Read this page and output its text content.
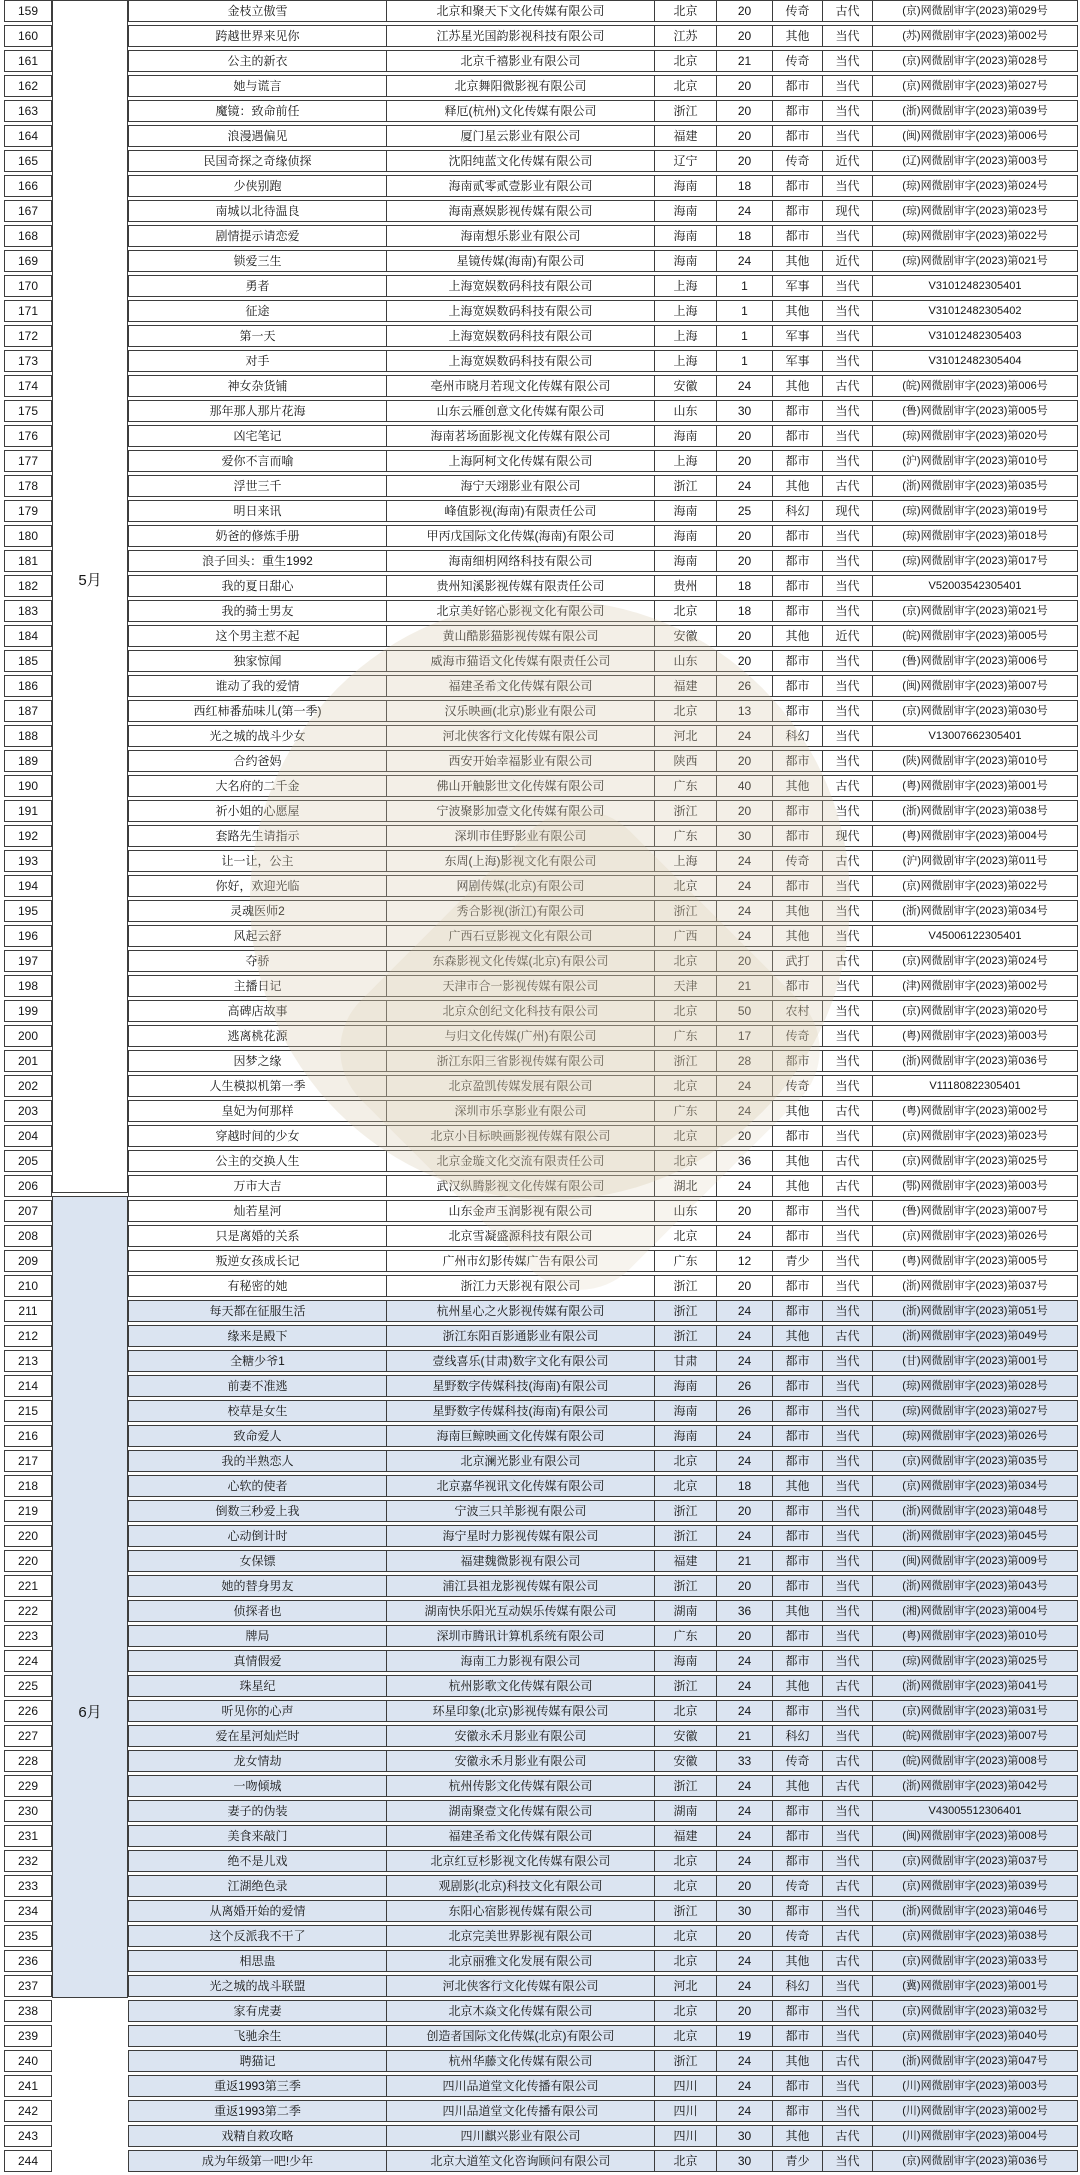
5月
6月
159		金枝立傲雪	北京和聚天下文化传媒有限公司	北京	20	传奇	古代	(京)网微剧审字(2023)第029号
160		跨越世界来见你	江苏星光国韵影视科技有限公司	江苏	20	其他	当代	(苏)网微剧审字(2023)第002号
161		公主的新衣	北京千禧影业有限公司	北京	21	传奇	当代	(京)网微剧审字(2023)第028号
162		她与谎言	北京舞阳微影视有限公司	北京	20	都市	当代	(京)网微剧审字(2023)第027号
163		魔镜：致命前任	释厄(杭州)文化传媒有限公司	浙江	20	都市	当代	(浙)网微剧审字(2023)第039号
164		浪漫遇偏见	厦门星云影业有限公司	福建	20	都市	当代	(闽)网微剧审字(2023)第006号
165		民国奇探之奇缘侦探	沈阳纯蓝文化传媒有限公司	辽宁	20	传奇	近代	(辽)网微剧审字(2023)第003号
166		少侠别跑	海南贰零贰壹影业有限公司	海南	18	都市	当代	(琼)网微剧审字(2023)第024号
167		南城以北待温良	海南熹娱影视传媒有限公司	海南	24	都市	现代	(琼)网微剧审字(2023)第023号
168		剧情提示请恋爱	海南想乐影业有限公司	海南	18	都市	当代	(琼)网微剧审字(2023)第022号
169		锁爱三生	星镜传媒(海南)有限公司	海南	24	其他	近代	(琼)网微剧审字(2023)第021号
170		勇者	上海宽娱数码科技有限公司	上海	1	军事	当代	V31012482305401
171		征途	上海宽娱数码科技有限公司	上海	1	其他	当代	V31012482305402
172		第一天	上海宽娱数码科技有限公司	上海	1	军事	当代	V31012482305403
173		对手	上海宽娱数码科技有限公司	上海	1	军事	当代	V31012482305404
174		神女杂货铺	亳州市晓月若现文化传媒有限公司	安徽	24	其他	古代	(皖)网微剧审字(2023)第006号
175		那年那人那片花海	山东云雁创意文化传媒有限公司	山东	30	都市	当代	(鲁)网微剧审字(2023)第005号
176		凶宅笔记	海南茗场面影视文化传媒有限公司	海南	20	都市	当代	(琼)网微剧审字(2023)第020号
177		爱你不言而喻	上海阿柯文化传媒有限公司	上海	20	都市	当代	(沪)网微剧审字(2023)第010号
178		浮世三千	海宁天翊影业有限公司	浙江	24	其他	古代	(浙)网微剧审字(2023)第035号
179		明日来讯	峰值影视(海南)有限责任公司	海南	25	科幻	现代	(琼)网微剧审字(2023)第019号
180		奶爸的修炼手册	甲丙戊国际文化传媒(海南)有限公司	海南	20	都市	当代	(琼)网微剧审字(2023)第018号
181		浪子回头：重生1992	海南细枂网络科技有限公司	海南	20	都市	当代	(琼)网微剧审字(2023)第017号
182		我的夏日甜心	贵州知溪影视传媒有限责任公司	贵州	18	都市	当代	V52003542305401
183		我的骑士男友	北京美好铭心影视文化有限公司	北京	18	都市	当代	(京)网微剧审字(2023)第021号
184		这个男主惹不起	黄山酷影猫影视传媒有限公司	安徽	20	其他	近代	(皖)网微剧审字(2023)第005号
185		独家惊闻	威海市猫语文化传媒有限责任公司	山东	20	都市	当代	(鲁)网微剧审字(2023)第006号
186		谁动了我的爱情	福建圣希文化传媒有限公司	福建	26	都市	当代	(闽)网微剧审字(2023)第007号
187		西红柿番茄味儿(第一季)	汉乐映画(北京)影业有限公司	北京	13	都市	当代	(京)网微剧审字(2023)第030号
188		光之城的战斗少女	河北侠客行文化传媒有限公司	河北	24	科幻	当代	V13007662305401
189		合约爸妈	西安开始幸福影业有限公司	陕西	20	都市	当代	(陕)网微剧审字(2023)第010号
190		大名府的二千金	佛山开触影世文化传媒有限公司	广东	40	其他	古代	(粤)网微剧审字(2023)第001号
191		祈小姐的心愿屋	宁波聚影加壹文化传媒有限公司	浙江	20	都市	当代	(浙)网微剧审字(2023)第038号
192		套路先生请指示	深圳市佳野影业有限公司	广东	30	都市	现代	(粤)网微剧审字(2023)第004号
193		让一让，公主	东周(上海)影视文化有限公司	上海	24	传奇	古代	(沪)网微剧审字(2023)第011号
194		你好，欢迎光临	网剧传媒(北京)有限公司	北京	24	都市	当代	(京)网微剧审字(2023)第022号
195		灵魂医师2	秀合影视(浙江)有限公司	浙江	24	其他	当代	(浙)网微剧审字(2023)第034号
196		风起云舒	广西石豆影视文化有限公司	广西	24	其他	当代	V45006122305401
197		夺骄	东森影视文化传媒(北京)有限公司	北京	20	武打	古代	(京)网微剧审字(2023)第024号
198		主播日记	天津市合一影视传媒有限公司	天津	21	都市	当代	(津)网微剧审字(2023)第002号
199		高碑店故事	北京众创纪文化科技有限公司	北京	50	农村	当代	(京)网微剧审字(2023)第020号
200		逃离桃花源	与归文化传媒(广州)有限公司	广东	17	传奇	当代	(粤)网微剧审字(2023)第003号
201		因梦之缘	浙江东阳三省影视传媒有限公司	浙江	28	都市	当代	(浙)网微剧审字(2023)第036号
202		人生模拟机第一季	北京盈凯传媒发展有限公司	北京	24	传奇	当代	V11180822305401
203		皇妃为何那样	深圳市乐享影业有限公司	广东	24	其他	古代	(粤)网微剧审字(2023)第002号
204		穿越时间的少女	北京小目标映画影视传媒有限公司	北京	20	都市	当代	(京)网微剧审字(2023)第023号
205		公主的交换人生	北京金璇文化交流有限责任公司	北京	36	其他	古代	(京)网微剧审字(2023)第025号
206		万市大吉	武汉纵腾影视文化传媒有限公司	湖北	24	其他	古代	(鄂)网微剧审字(2023)第003号
207		灿若星河	山东金声玉润影视有限公司	山东	20	都市	当代	(鲁)网微剧审字(2023)第007号
208		只是离婚的关系	北京雪凝盛源科技有限公司	北京	24	都市	当代	(京)网微剧审字(2023)第026号
209		叛逆女孩成长记	广州市幻影传媒广告有限公司	广东	12	青少	当代	(粤)网微剧审字(2023)第005号
210		有秘密的她	浙江力天影视有限公司	浙江	20	都市	当代	(浙)网微剧审字(2023)第037号
211		每天都在征服生活	杭州星心之火影视传媒有限公司	浙江	24	都市	当代	(浙)网微剧审字(2023)第051号
212		缘来是殿下	浙江东阳百影通影业有限公司	浙江	24	其他	古代	(浙)网微剧审字(2023)第049号
213		全糖少爷1	壹线喜乐(甘肃)数字文化有限公司	甘肃	24	都市	当代	(甘)网微剧审字(2023)第001号
214		前妻不准逃	星野数字传媒科技(海南)有限公司	海南	26	都市	当代	(琼)网微剧审字(2023)第028号
215		校草是女生	星野数字传媒科技(海南)有限公司	海南	26	都市	当代	(琼)网微剧审字(2023)第027号
216		致命爱人	海南巨鲸映画文化传媒有限公司	海南	24	都市	当代	(琼)网微剧审字(2023)第026号
217		我的半熟恋人	北京澜光影业有限公司	北京	24	都市	当代	(京)网微剧审字(2023)第035号
218		心软的使者	北京嘉华视讯文化传媒有限公司	北京	18	其他	当代	(京)网微剧审字(2023)第034号
219		倒数三秒爱上我	宁波三只羊影视有限公司	浙江	20	都市	当代	(浙)网微剧审字(2023)第048号
220		心动倒计时	海宁星时力影视传媒有限公司	浙江	24	都市	当代	(浙)网微剧审字(2023)第045号
220		女保镖	福建魏微影视有限公司	福建	21	都市	当代	(闽)网微剧审字(2023)第009号
221		她的替身男友	浦江县祖龙影视传媒有限公司	浙江	20	都市	当代	(浙)网微剧审字(2023)第043号
222		侦探者也	湖南快乐阳光互动娱乐传媒有限公司	湖南	36	其他	当代	(湘)网微剧审字(2023)第004号
223		牌局	深圳市腾讯计算机系统有限公司	广东	20	都市	当代	(粤)网微剧审字(2023)第010号
224		真情假爱	海南工力影视有限公司	海南	24	都市	当代	(琼)网微剧审字(2023)第025号
225		珠星纪	杭州影歌文化传媒有限公司	浙江	24	其他	古代	(浙)网微剧审字(2023)第041号
226		听见你的心声	环星印象(北京)影视传媒有限公司	北京	24	都市	当代	(京)网微剧审字(2023)第031号
227		爱在星河灿烂时	安徽永禾月影业有限公司	安徽	21	科幻	当代	(皖)网微剧审字(2023)第007号
228		龙女情劫	安徽永禾月影业有限公司	安徽	33	传奇	古代	(皖)网微剧审字(2023)第008号
229		一吻倾城	杭州传影文化传媒有限公司	浙江	24	其他	古代	(浙)网微剧审字(2023)第042号
230		妻子的伪装	湖南聚壹文化传媒有限公司	湖南	24	都市	当代	V43005512306401
231		美食来敲门	福建圣希文化传媒有限公司	福建	24	都市	当代	(闽)网微剧审字(2023)第008号
232		绝不是儿戏	北京红豆杉影视文化传媒有限公司	北京	24	都市	当代	(京)网微剧审字(2023)第037号
233		江湖绝色录	观剧影(北京)科技文化有限公司	北京	20	传奇	古代	(京)网微剧审字(2023)第039号
234		从离婚开始的爱情	东阳心宿影视传媒有限公司	浙江	30	都市	当代	(浙)网微剧审字(2023)第046号
235		这个反派我不干了	北京完美世界影视有限公司	北京	20	传奇	古代	(京)网微剧审字(2023)第038号
236		相思蛊	北京丽雅文化发展有限公司	北京	24	其他	古代	(京)网微剧审字(2023)第033号
237		光之城的战斗联盟	河北侠客行文化传媒有限公司	河北	24	科幻	当代	(冀)网微剧审字(2023)第001号
238		家有虎妻	北京木焱文化传媒有限公司	北京	20	都市	当代	(京)网微剧审字(2023)第032号
239		飞驰余生	创造者国际文化传媒(北京)有限公司	北京	19	都市	当代	(京)网微剧审字(2023)第040号
240		聘猫记	杭州华藤文化传媒有限公司	浙江	24	其他	古代	(浙)网微剧审字(2023)第047号
241		重返1993第三季	四川品道堂文化传播有限公司	四川	24	都市	当代	(川)网微剧审字(2023)第003号
242		重返1993第二季	四川品道堂文化传播有限公司	四川	24	都市	当代	(川)网微剧审字(2023)第002号
243		戏精自救攻略	四川麒兴影业有限公司	四川	30	其他	古代	(川)网微剧审字(2023)第004号
244		成为年级第一吧!少年	北京大道笙文化咨询顾问有限公司	北京	30	青少	当代	(京)网微剧审字(2023)第036号
